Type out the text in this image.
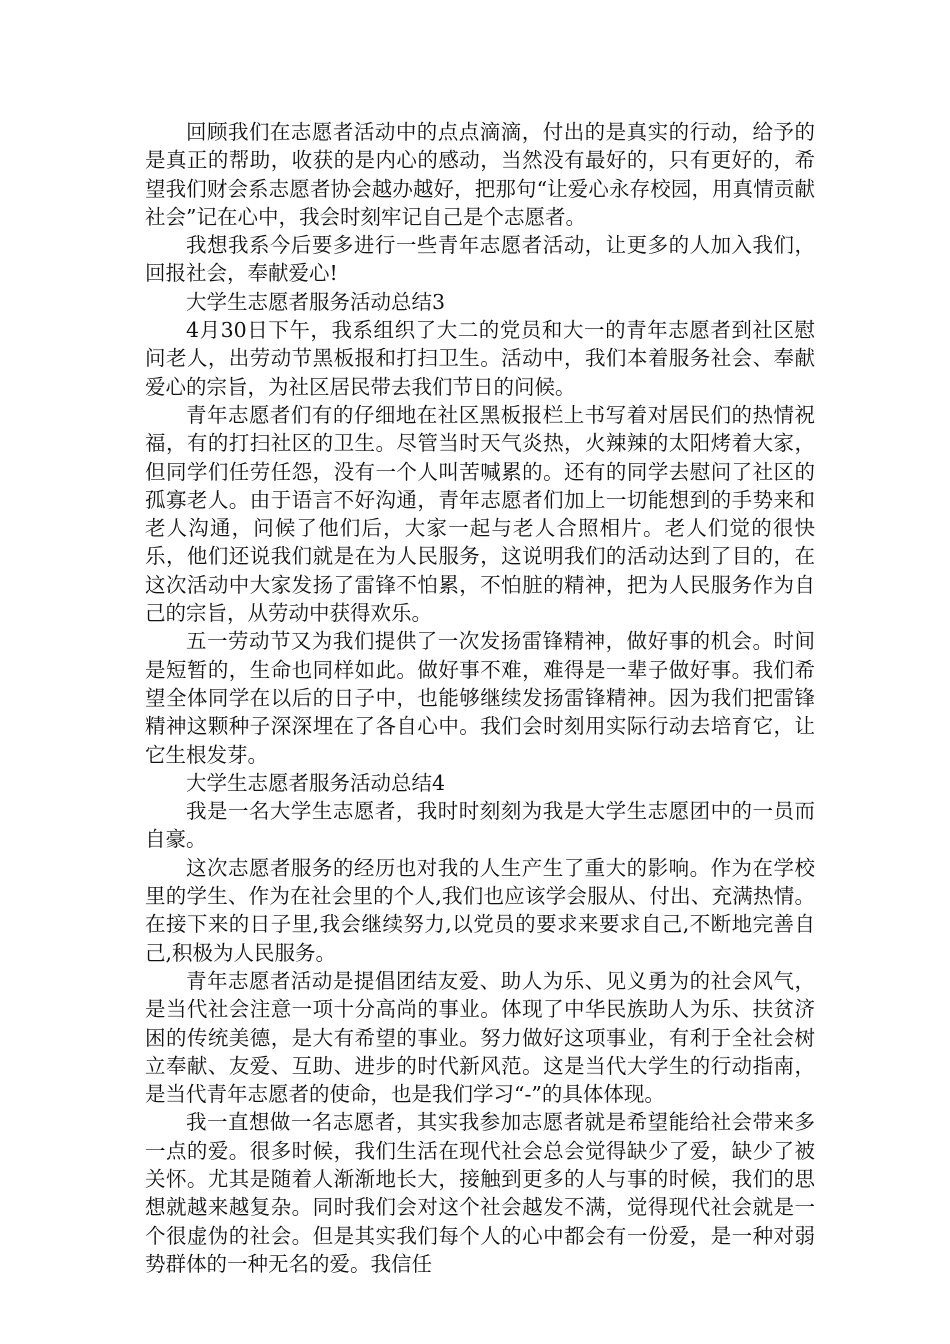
回顾我们在志愿者活动中的点点滴滴，付出的是真实的行动，给予的是真正的帮助，收获的是内心的感动，当然没有最好的，只有更好的，希望我们财会系志愿者协会越办越好，把那句“让爱心永存校园，用真情贡献社会”记在心中，我会时刻牢记自己是个志愿者。

我想我系今后要多进行一些青年志愿者活动，让更多的人加入我们，回报社会，奉献爱心!

大学生志愿者服务活动总结3

4月30日下午，我系组织了大二的党员和大一的青年志愿者到社区慰问老人，出劳动节黑板报和打扫卫生。活动中，我们本着服务社会、奉献爱心的宗旨，为社区居民带去我们节日的问候。

青年志愿者们有的仔细地在社区黑板报栏上书写着对居民们的热情祝福，有的打扫社区的卫生。尽管当时天气炎热，火辣辣的太阳烤着大家，但同学们任劳任怨，没有一个人叫苦喊累的。还有的同学去慰问了社区的孤寡老人。由于语言不好沟通，青年志愿者们加上一切能想到的手势来和老人沟通，问候了他们后，大家一起与老人合照相片。老人们觉的很快乐，他们还说我们就是在为人民服务，这说明我们的活动达到了目的，在这次活动中大家发扬了雷锋不怕累，不怕脏的精神，把为人民服务作为自己的宗旨，从劳动中获得欢乐。

五一劳动节又为我们提供了一次发扬雷锋精神，做好事的机会。时间是短暂的，生命也同样如此。做好事不难，难得是一辈子做好事。我们希望全体同学在以后的日子中，也能够继续发扬雷锋精神。因为我们把雷锋精神这颗种子深深埋在了各自心中。我们会时刻用实际行动去培育它，让它生根发芽。

大学生志愿者服务活动总结4

我是一名大学生志愿者，我时时刻刻为我是大学生志愿团中的一员而自豪。

这次志愿者服务的经历也对我的人生产生了重大的影响。作为在学校里的学生、作为在社会里的个人,我们也应该学会服从、付出、充满热情。在接下来的日子里,我会继续努力,以党员的要求来要求自己,不断地完善自己,积极为人民服务。

青年志愿者活动是提倡团结友爱、助人为乐、见义勇为的社会风气，是当代社会注意一项十分高尚的事业。体现了中华民族助人为乐、扶贫济困的传统美德，是大有希望的事业。努力做好这项事业，有利于全社会树立奉献、友爱、互助、进步的时代新风范。这是当代大学生的行动指南，是当代青年志愿者的使命，也是我们学习“-”的具体体现。

我一直想做一名志愿者，其实我参加志愿者就是希望能给社会带来多一点的爱。很多时候，我们生活在现代社会总会觉得缺少了爱，缺少了被关怀。尤其是随着人渐渐地长大，接触到更多的人与事的时候，我们的思想就越来越复杂。同时我们会对这个社会越发不满，觉得现代社会就是一个很虚伪的社会。但是其实我们每个人的心中都会有一份爱，是一种对弱势群体的一种无名的爱。我信任
